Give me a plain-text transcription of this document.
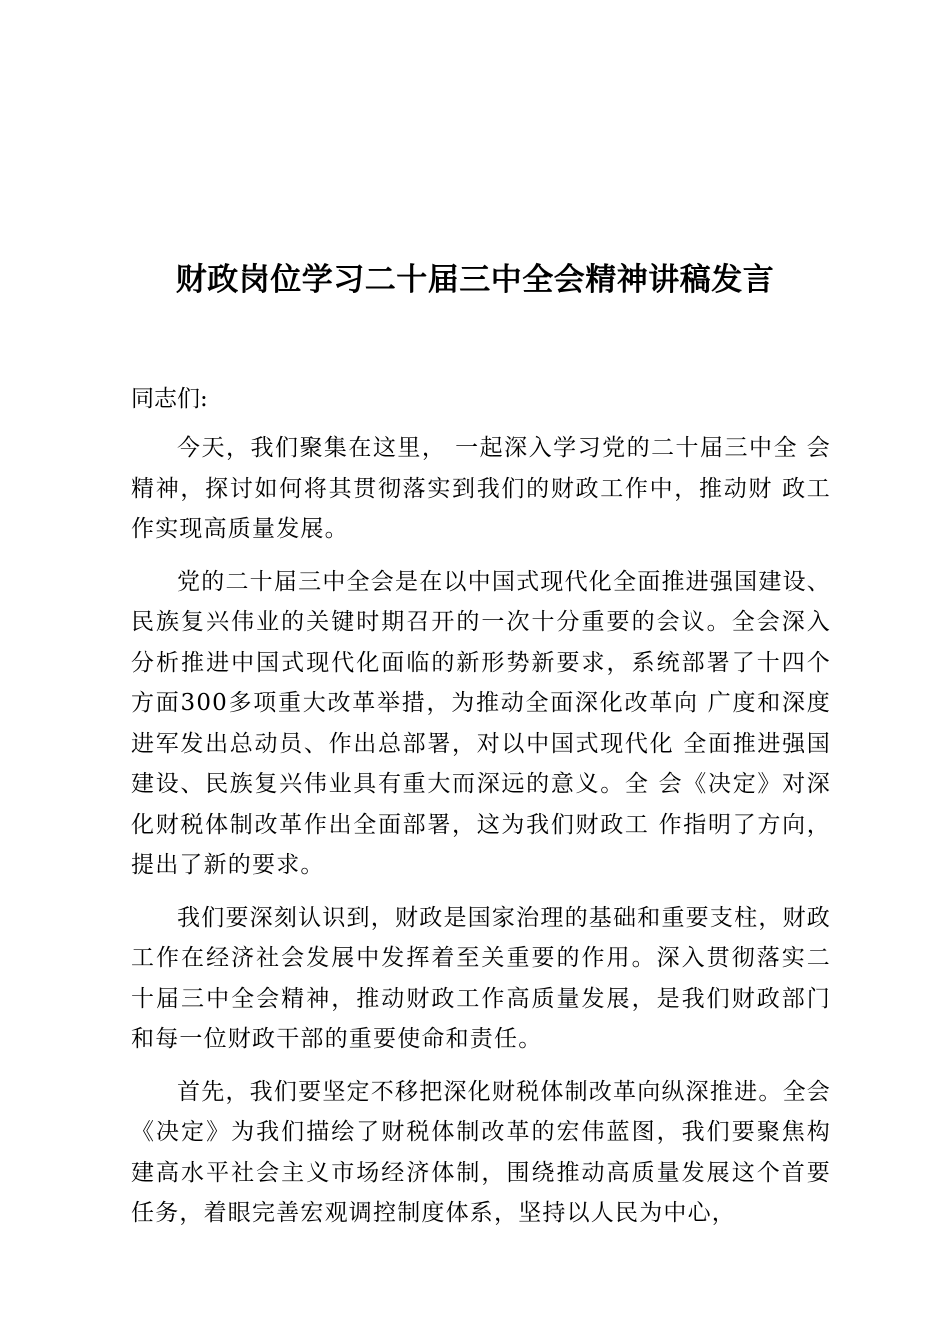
财政岗位学习二十届三中全会精神讲稿发言

同志们:

今天，我们聚集在这里， 一起深入学习党的二十届三中全 会精神，探讨如何将其贯彻落实到我们的财政工作中，推动财 政工作实现高质量发展。

党的二十届三中全会是在以中国式现代化全面推进强国建设、民族复兴伟业的关键时期召开的一次十分重要的会议。全会深入分析推进中国式现代化面临的新形势新要求，系统部署了十四个方面300多项重大改革举措，为推动全面深化改革向 广度和深度进军发出总动员、作出总部署，对以中国式现代化 全面推进强国建设、民族复兴伟业具有重大而深远的意义。全 会《决定》对深化财税体制改革作出全面部署，这为我们财政工 作指明了方向，提出了新的要求。

我们要深刻认识到，财政是国家治理的基础和重要支柱，财政工作在经济社会发展中发挥着至关重要的作用。深入贯彻落实二十届三中全会精神，推动财政工作高质量发展，是我们财政部门和每一位财政干部的重要使命和责任。

首先，我们要坚定不移把深化财税体制改革向纵深推进。全会《决定》为我们描绘了财税体制改革的宏伟蓝图，我们要聚焦构建高水平社会主义市场经济体制，围绕推动高质量发展这个首要任务，着眼完善宏观调控制度体系，坚持以人民为中心，
